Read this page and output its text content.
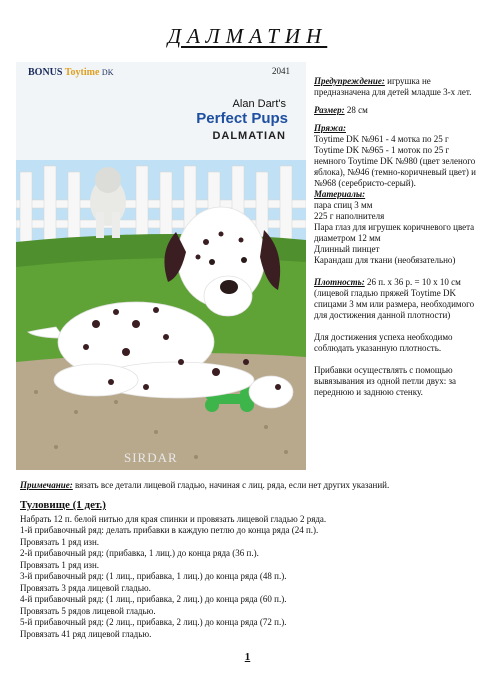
ДАЛМАТИН
BONUS Toytime DK	2041
Alan Dart's
Perfect Pups
DALMATIAN
SIRDAR

Предупреждение: игрушка не предназначена для детей младше 3-х лет.

Размер: 28 см

Пряжа:

Toytime DK №961 - 4 мотка по 25 г

Toytime DK №965 - 1 моток по 25 г

немного Toytime DK №980 (цвет зеленого яблока), №946 (темно-коричневый цвет) и №968 (серебристо-серый).

Материалы:

пара спиц 3 мм

225 г наполнителя

Пара глаз для игрушек коричневого цвета диаметром 12 мм

Длинный пинцет

Карандаш для ткани (необязательно)

Плотность: 26 п. х 36 р. = 10 х 10 см (лицевой гладью пряжей Toytime DK спицами 3 мм или размера, необходимого для достижения данной плотности)

Для достижения успеха необходимо соблюдать указанную плотность.

Прибавки осуществлять с помощью вывязывания из одной петли двух: за переднюю и заднюю стенку.

Примечание: вязать все детали лицевой гладью, начиная с лиц. ряда, если нет других указаний.
Туловище (1 дет.)

Набрать 12 п. белой нитью для края спинки и провязать лицевой гладью 2 ряда.

1-й прибавочный ряд: делать прибавки в каждую петлю до конца ряда (24 п.).

Провязать 1 ряд изн.

2-й прибавочный ряд: (прибавка, 1 лиц.) до конца ряда (36 п.).

Провязать 1 ряд изн.

3-й прибавочный ряд: (1 лиц., прибавка, 1 лиц.) до конца ряда (48 п.).

Провязать 3 ряда лицевой гладью.

4-й прибавочный ряд: (1 лиц., прибавка, 2 лиц.) до конца ряда (60 п.).

Провязать 5 рядов лицевой гладью.

5-й прибавочный ряд: (2 лиц., прибавка, 2 лиц.) до конца ряда (72 п.).

Провязать 41 ряд лицевой гладью.

1
